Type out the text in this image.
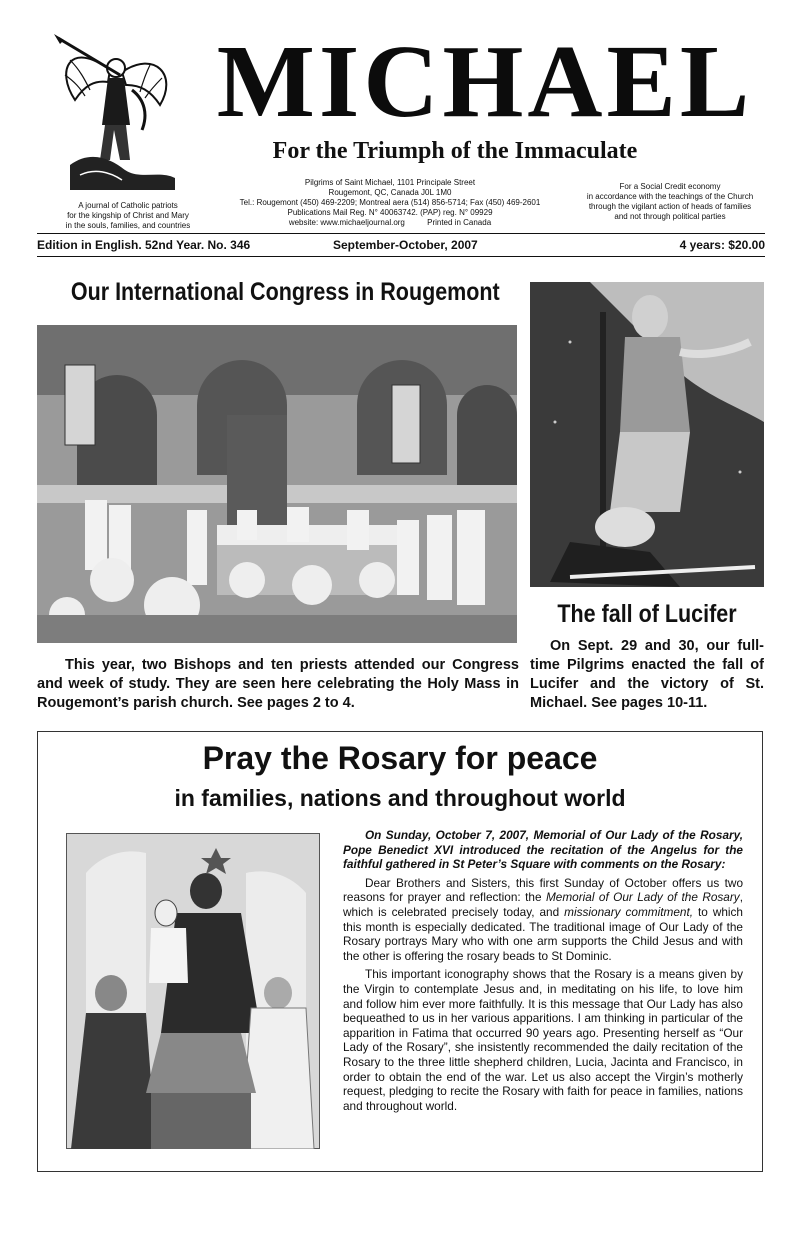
MICHAEL
For the Triumph of the Immaculate
A journal of Catholic patriots
for the kingship of Christ and Mary
in the souls, families, and countries
Pilgrims of Saint Michael, 1101 Principale Street
Rougemont, QC, Canada J0L 1M0
Tel.: Rougemont (450) 469-2209; Montreal aera (514) 856-5714; Fax (450) 469-2601
Publications Mail Reg. N° 40063742. (PAP) reg. N° 09929
website: www.michaeljournal.org          Printed in Canada
For a Social Credit economy
in accordance with the teachings of the Church
through the vigilant action of heads of families
and not through political parties
Edition in English. 52nd Year. No. 346	September-October, 2007	4 years: $20.00
Our International Congress in Rougemont
This year, two Bishops and ten priests attended our Congress and week of study. They are seen here celebrating the Holy Mass in Rougemont’s parish church. See pages 2 to 4.
The fall of Lucifer
On Sept. 29 and 30, our full-time Pilgrims enacted the fall of Lucifer and the victory of St. Michael. See pages 10-11.
Pray the Rosary for peace
in families, nations and throughout world

On Sunday, October 7, 2007, Memorial of Our Lady of the Rosary, Pope Benedict XVI introduced the recitation of the Angelus for the faithful gathered in St Peter’s Square with comments on the Rosary:

Dear Brothers and Sisters, this first Sunday of October offers us two reasons for prayer and reflection: the Memorial of Our Lady of the Rosary, which is celebrated precisely today, and missionary commitment, to which this month is especially dedicated. The traditional image of Our Lady of the Rosary portrays Mary who with one arm supports the Child Jesus and with the other is offering the rosary beads to St Dominic.

This important iconography shows that the Rosary is a means given by the Virgin to contemplate Jesus and, in meditating on his life, to love him and follow him ever more faithfully. It is this message that Our Lady has also bequeathed to us in her various apparitions. I am thinking in particular of the apparition in Fatima that occurred 90 years ago. Presenting herself as “Our Lady of the Rosary”, she insistently recommended the daily recitation of the Rosary to the three little shepherd children, Lucia, Jacinta and Francisco, in order to obtain the end of the war. Let us also accept the Virgin’s motherly request, pledging to recite the Rosary with faith for peace in families, nations and throughout world.
